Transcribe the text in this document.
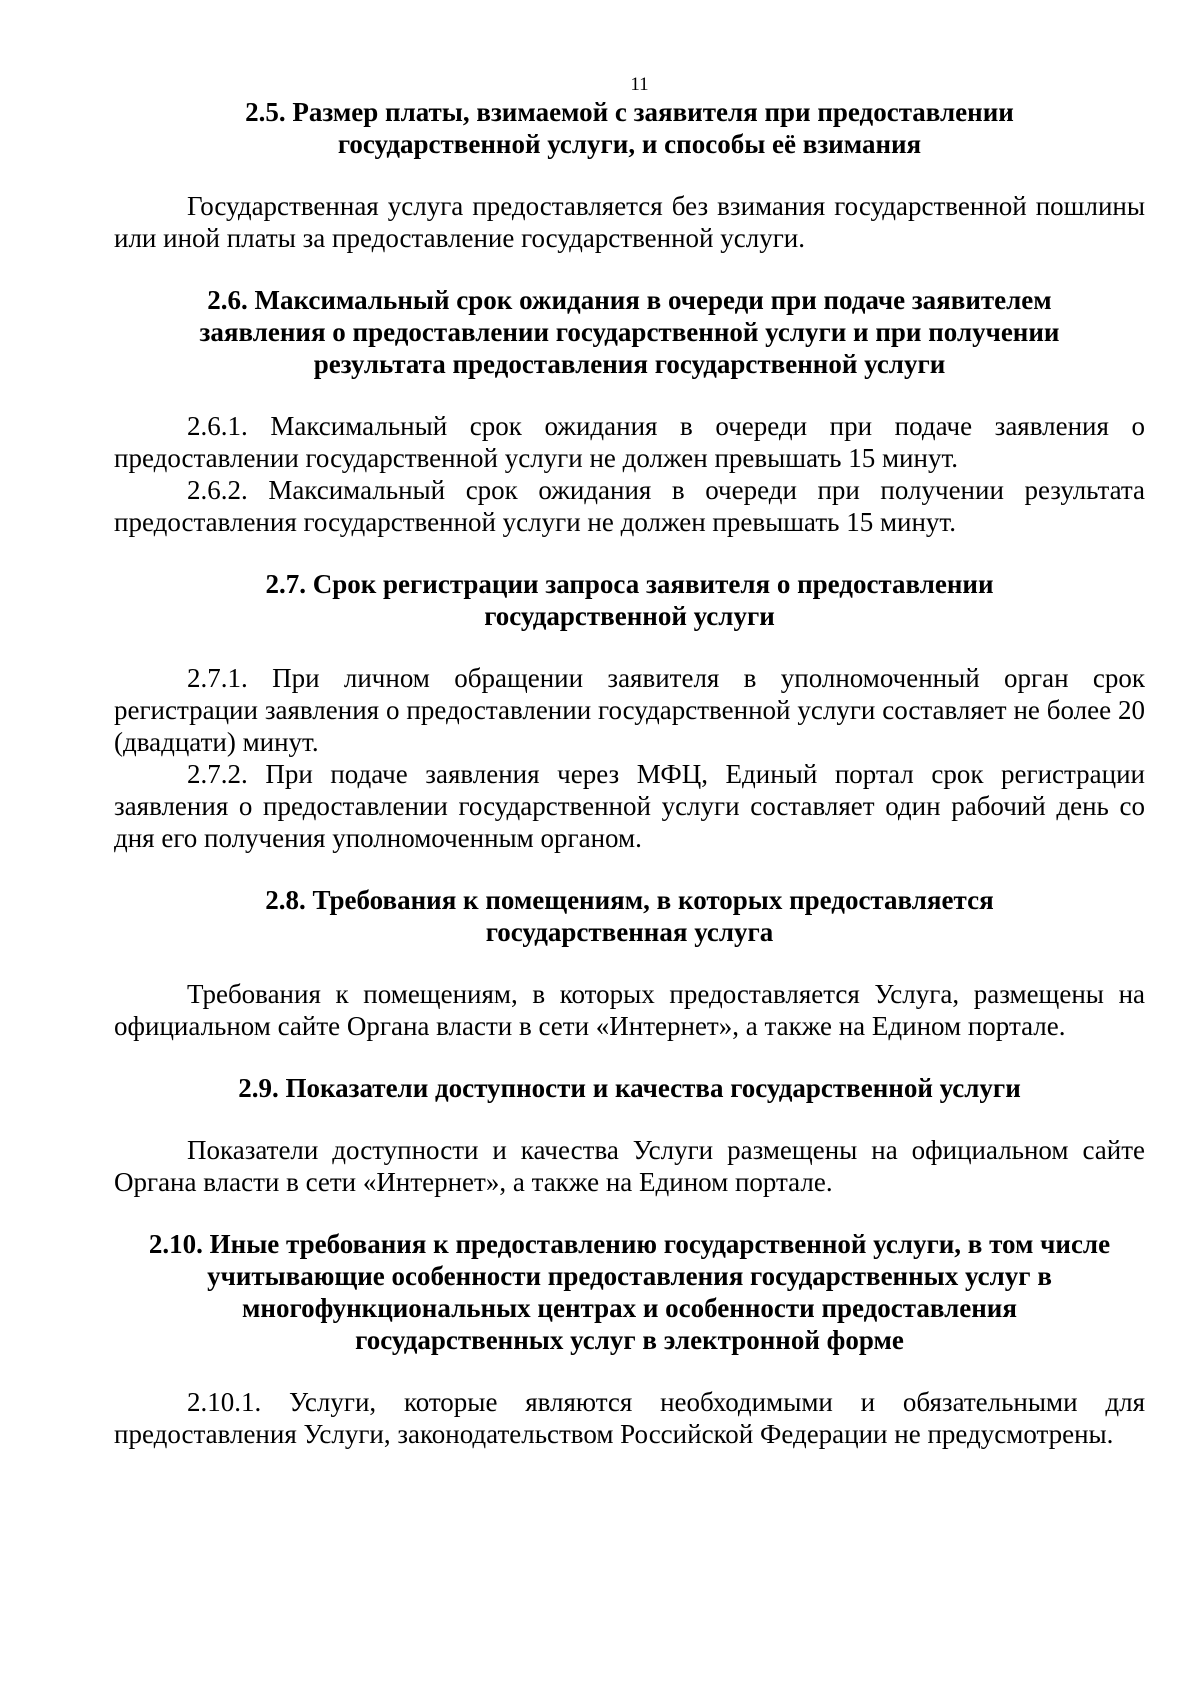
11
2.5. Размер платы, взимаемой с заявителя при предоставлении
государственной услуги, и способы её взимания

Государственная услуга предоставляется без взимания государственной пошлины или иной платы за предоставление государственной услуги.

2.6. Максимальный срок ожидания в очереди при подаче заявителем
заявления о предоставлении государственной услуги и при получении
результата предоставления государственной услуги

2.6.1. Максимальный срок ожидания в очереди при подаче заявления о предоставлении государственной услуги не должен превышать 15 минут.

2.6.2. Максимальный срок ожидания в очереди при получении результата предоставления государственной услуги не должен превышать 15 минут.

2.7. Срок регистрации запроса заявителя о предоставлении
государственной услуги

2.7.1. При личном обращении заявителя в уполномоченный орган срок регистрации заявления о предоставлении государственной услуги составляет не более 20 (двадцати) минут.

2.7.2. При подаче заявления через МФЦ, Единый портал срок регистрации заявления о предоставлении государственной услуги составляет один рабочий день со дня его получения уполномоченным органом.

2.8. Требования к помещениям, в которых предоставляется
государственная услуга

Требования к помещениям, в которых предоставляется Услуга, размещены на официальном сайте Органа власти в сети «Интернет», а также на Едином портале.

2.9. Показатели доступности и качества государственной услуги

Показатели доступности и качества Услуги размещены на официальном сайте Органа власти в сети «Интернет», а также на Едином портале.

2.10. Иные требования к предоставлению государственной услуги, в том числе
учитывающие особенности предоставления государственных услуг в
многофункциональных центрах и особенности предоставления
государственных услуг в электронной форме

2.10.1. Услуги, которые являются необходимыми и обязательными для предоставления Услуги, законодательством Российской Федерации не предусмотрены.
